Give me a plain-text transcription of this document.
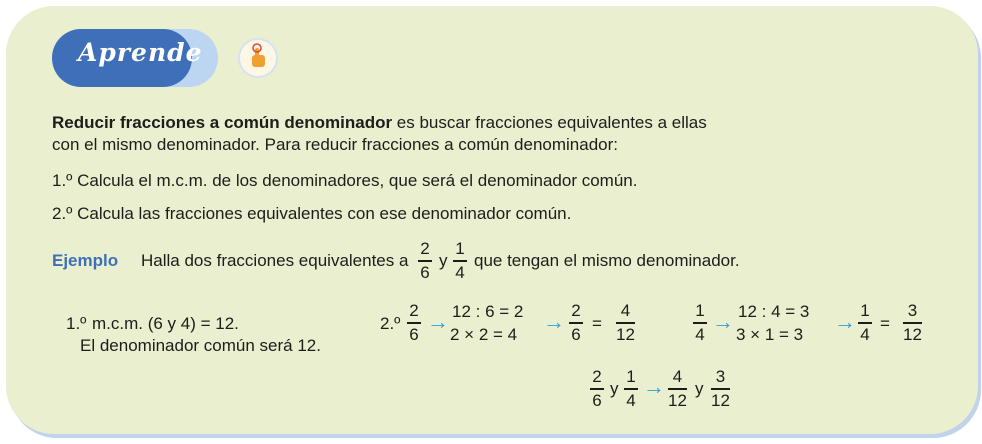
Aprende
Reducir fracciones a común denominador es buscar fracciones equivalentes a ellas
con el mismo denominador. Para reducir fracciones a común denominador:
1.º Calcula el m.c.m. de los denominadores, que será el denominador común.
2.º Calcula las fracciones equivalentes con ese denominador común.
Ejemplo Halla dos fracciones equivalentes a
2
6
y
1
4
que tengan el mismo denominador.
1.º m.c.m. (6 y 4) = 12.
El denominador común será 12.
2.º
2
6 → 12 : 6 = 2
2 × 2 = 4
→ 2
6
=
4
12
1
4 → 12 : 4 = 3
3 × 1 = 3
→ 1
4
=
3
12
2
6
y
1
4
→ 4
12
y
3
12
